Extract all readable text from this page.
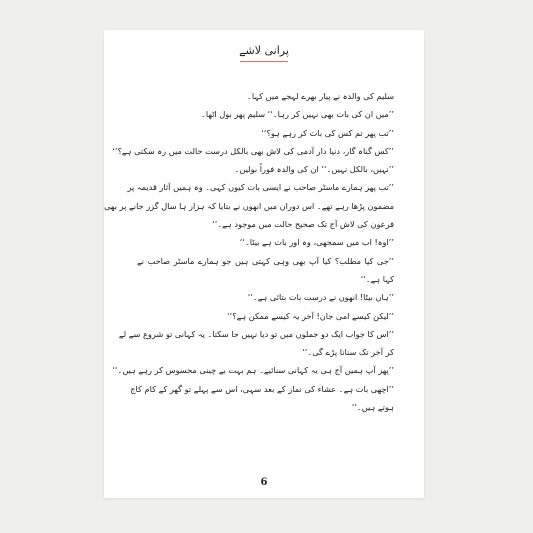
پرانی لاشے
سلیم کی والدہ نے پیار بھرے لہجے میں کہا۔
’’میں ان کی بات بھی نہیں کر رہا۔‘‘ سلیم پھر بول اٹھا۔
’’تب پھر تم کس کی بات کر رہے ہو؟‘‘
’’کس گناہ گار، دنیا دار آدمی کی لاش بھی بالکل درست حالت میں رہ سکتی ہے؟‘‘
’’نہیں، بالکل نہیں۔‘‘ ان کی والدہ فوراً بولیں۔
’’تب پھر ہمارے ماسٹر صاحب نے ایسی بات کیوں کہی۔ وہ ہمیں آثار قدیمہ پر
مضمون پڑھا رہے تھے۔ اس دوران میں انھوں نے بتایا کہ ہزار ہا سال گزر جانے پر بھی
فرعون کی لاش آج تک صحیح حالت میں موجود ہے۔‘‘
’’اوہ! اب میں سمجھی، وہ اور بات ہے بیٹا۔‘‘
’’جی کیا مطلب؟ کیا آپ بھی وہی کہتی ہیں جو ہمارے ماسٹر صاحب نے
کہا ہے۔‘‘
’’ہاں بیٹا! انھوں نے درست بات بتائی ہے۔‘‘
’’لیکن کیسے امی جان! آخر یہ کیسے ممکن ہے؟‘‘
’’اس کا جواب ایک دو جملوں میں تو دیا نہیں جا سکتا۔ یہ کہانی تو شروع سے لے
کر آخر تک سنانا پڑے گی۔‘‘
’’پھر آپ ہمیں آج ہی یہ کہانی سنائیے۔ ہم بہت بے چینی محسوس کر رہے ہیں۔‘‘
’’اچھی بات ہے۔ عشاء کی نماز کے بعد سہی، اس سے پہلے تو گھر کے کام کاج
ہوتے ہیں۔‘‘
6
